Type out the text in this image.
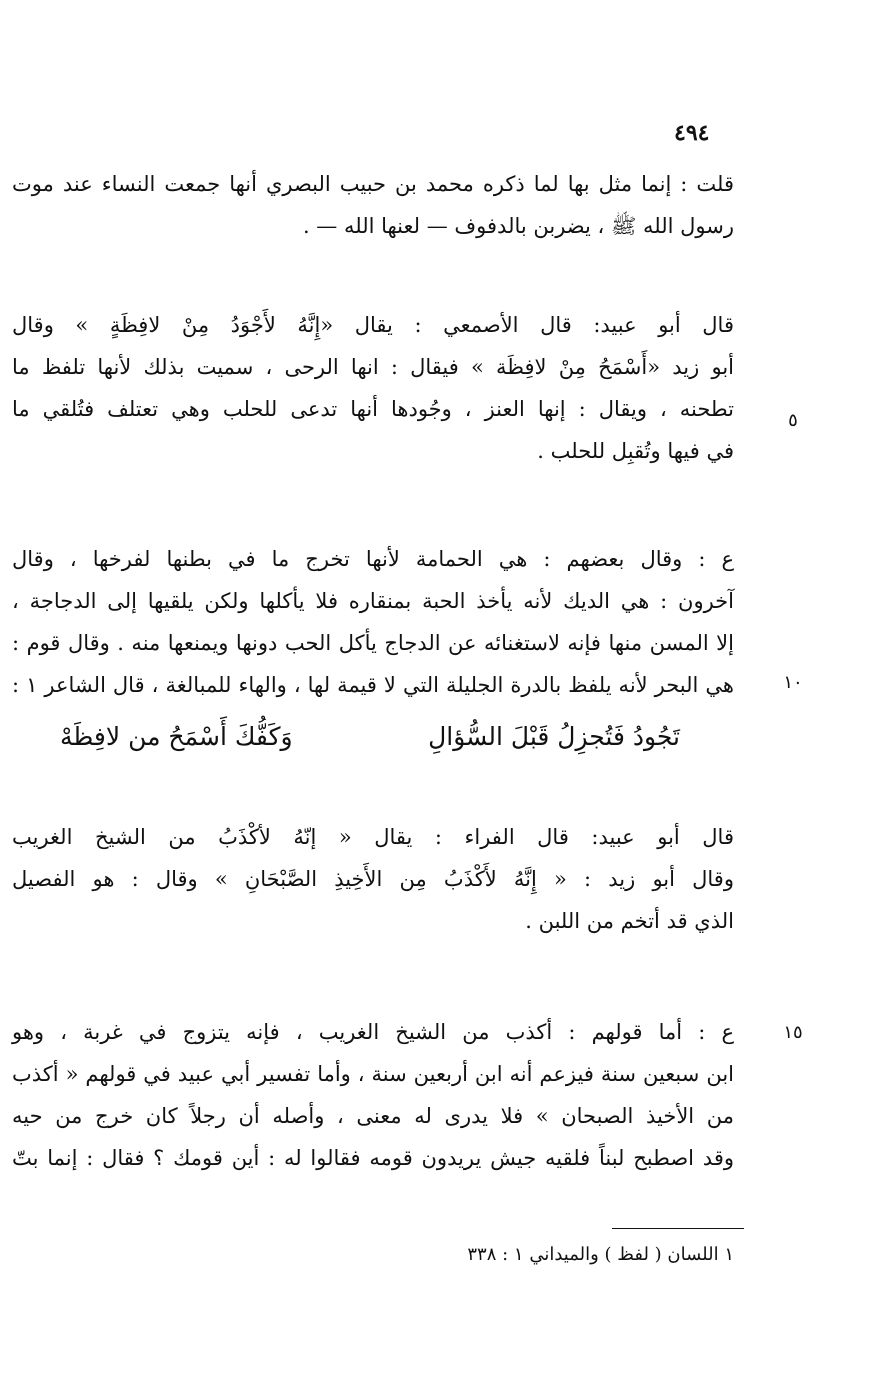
٤٩٤
قلت : إنما مثل بها لما ذكره محمد بن حبيب البصري أنها جمعت النساء عند موت
رسول الله ﷺ ، يضربن بالدفوف — لعنها الله — .
قال أبو عبيد: قال الأصمعي : يقال «إِنَّهُ لأَجْوَدُ مِنْ لافِظَةٍ » وقال
أبو زيد «أَسْمَحُ مِنْ لافِظَة » فيقال : انها الرحى ، سميت بذلك لأنها تلفظ ما
تطحنه ، ويقال : إنها العنز ، وجُودها أنها تدعى للحلب وهي تعتلف فتُلقي ما
في فيها وتُقبِل للحلب .
ع : وقال بعضهم : هي الحمامة لأنها تخرج ما في بطنها لفرخها ، وقال
آخرون : هي الديك لأنه يأخذ الحبة بمنقاره فلا يأكلها ولكن يلقيها إلى الدجاجة ،
إلا المسن منها فإنه لاستغنائه عن الدجاج يأكل الحب دونها ويمنعها منه . وقال قوم :
هي البحر لأنه يلفظ بالدرة الجليلة التي لا قيمة لها ، والهاء للمبالغة ، قال الشاعر ١ :
تَجُودُ فَتُجزِلُ قَبْلَ السُّؤالِ
وَكَفُّكَ أَسْمَحُ من لافِظَهْ
قال أبو عبيد: قال الفراء : يقال « إنّهُ لأكْذَبُ من الشيخ الغريب
وقال أبو زيد : « إِنَّهُ لأَكْذَبُ مِن الأَخِيذِ الصَّبْحَانِ » وقال : هو الفصيل
الذي قد أتخم من اللبن .
ع : أما قولهم : أكذب من الشيخ الغريب ، فإنه يتزوج في غربة ، وهو
ابن سبعين سنة فيزعم أنه ابن أربعين سنة ، وأما تفسير أبي عبيد في قولهم « أكذب
من الأخيذ الصبحان » فلا يدرى له معنى ، وأصله أن رجلاً كان خرج من حيه
وقد اصطبح لبناً فلقيه جيش يريدون قومه فقالوا له : أين قومك ؟ فقال : إنما بتّ
٥
١٠
١٥
١ اللسان ( لفظ ) والميداني ١ : ٣٣٨
